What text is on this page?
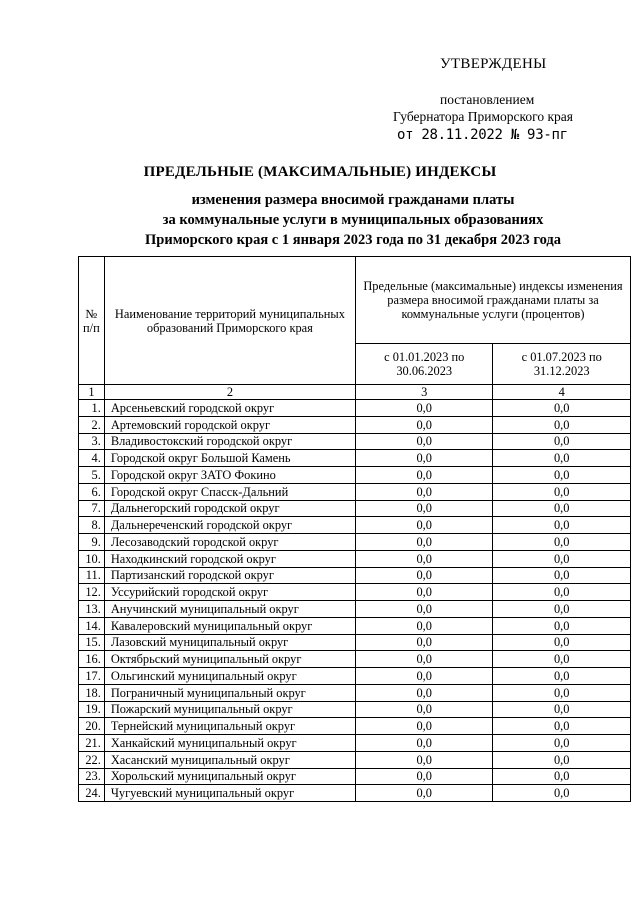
УТВЕРЖДЕНЫ
постановлением
Губернатора Приморского края
от 28.11.2022 № 93-пг
ПРЕДЕЛЬНЫЕ (МАКСИМАЛЬНЫЕ) ИНДЕКСЫ
изменения размера вносимой гражданами платы
за коммунальные услуги в муниципальных образованиях
Приморского края с 1 января 2023 года по 31 декабря 2023 года
№ п/п	Наименование территорий муниципальных образований Приморского края	Предельные (максимальные) индексы изменения размера вносимой гражданами платы за коммунальные услуги (процентов)	
		с 01.01.2023 по 30.06.2023	с 01.07.2023 по 31.12.2023
1	2	3	4
1.	Арсеньевский городской округ	0,0	0,0
2.	Артемовский городской округ	0,0	0,0
3.	Владивостокский городской округ	0,0	0,0
4.	Городской округ Большой Камень	0,0	0,0
5.	Городской округ ЗАТО Фокино	0,0	0,0
6.	Городской округ Спасск-Дальний	0,0	0,0
7.	Дальнегорский городской округ	0,0	0,0
8.	Дальнереченский городской округ	0,0	0,0
9.	Лесозаводский городской округ	0,0	0,0
10.	Находкинский городской округ	0,0	0,0
11.	Партизанский городской округ	0,0	0,0
12.	Уссурийский городской округ	0,0	0,0
13.	Анучинский муниципальный округ	0,0	0,0
14.	Кавалеровский муниципальный округ	0,0	0,0
15.	Лазовский муниципальный округ	0,0	0,0
16.	Октябрьский муниципальный округ	0,0	0,0
17.	Ольгинский муниципальный округ	0,0	0,0
18.	Пограничный муниципальный округ	0,0	0,0
19.	Пожарский муниципальный округ	0,0	0,0
20.	Тернейский муниципальный округ	0,0	0,0
21.	Ханкайский муниципальный округ	0,0	0,0
22.	Хасанский муниципальный округ	0,0	0,0
23.	Хорольский муниципальный округ	0,0	0,0
24.	Чугуевский муниципальный округ	0,0	0,0
